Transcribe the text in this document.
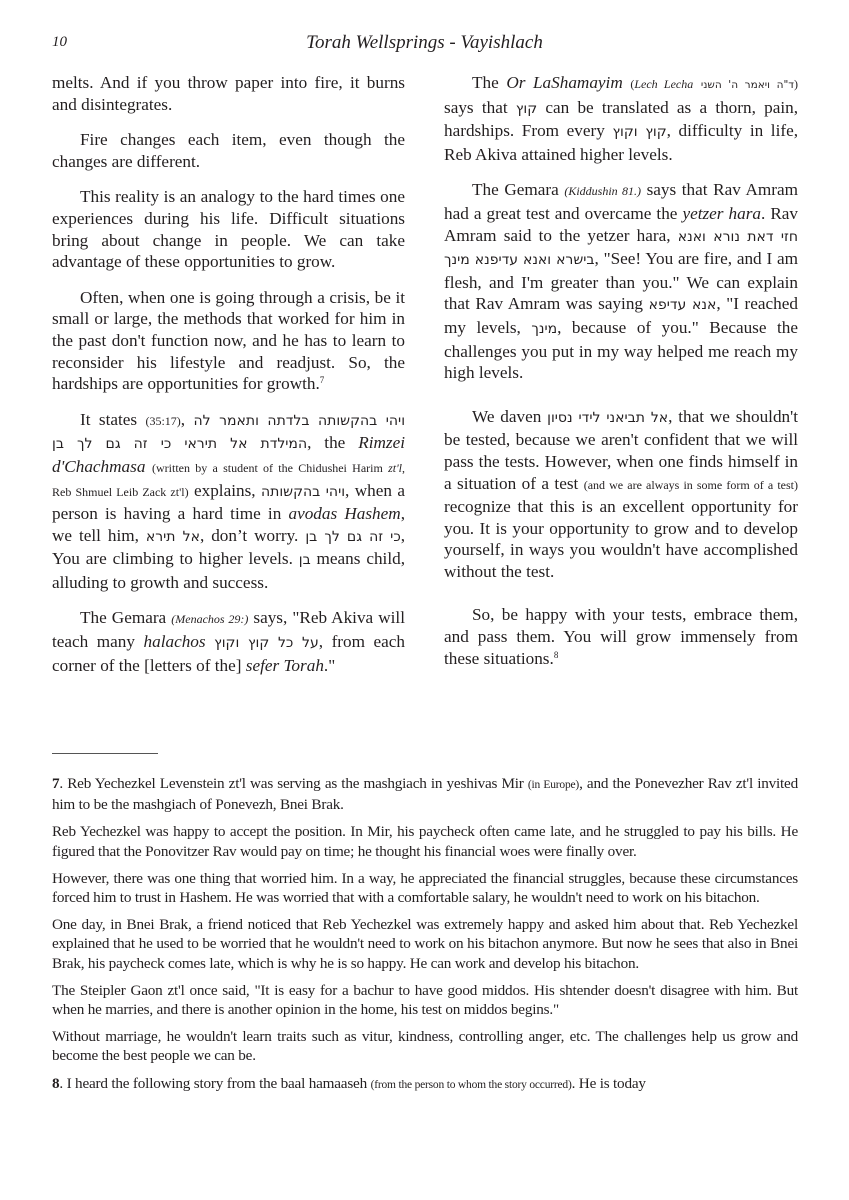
10	Torah Wellsprings - Vayishlach

melts. And if you throw paper into fire, it burns and disintegrates.

Fire changes each item, even though the changes are different.

This reality is an analogy to the hard times one experiences during his life. Difficult situations bring about change in people. We can take advantage of these opportunities to grow.

Often, when one is going through a crisis, be it small or large, the methods that worked for him in the past don't function now, and he has to learn to reconsider his lifestyle and readjust. So, the hardships are opportunities for growth.$^7$

It states (35:17), ויהי בהקשותה בלדתה ותאמר לה המילדת אל תיראי כי זה גם לך בן, the Rimzei d'Chachmasa (written by a student of the Chidushei Harim zt'l, Reb Shmuel Leib Zack zt'l) explains, ויהי בהקשותה, when a person is having a hard time in avodas Hashem, we tell him, אל תירא, don’t worry. כי זה גם לך בן, You are climbing to higher levels. בן means child, alluding to growth and success.

The Gemara (Menachos 29:) says, "Reb Akiva will teach many halachos על כל קוץ וקוץ, from each corner of the [letters of the] sefer Torah."

The Or LaShamayim (Lech Lecha ד"ה ויאמר ה' השני) says that קוץ can be translated as a thorn, pain, hardships. From every קוץ וקוץ, difficulty in life, Reb Akiva attained higher levels.

The Gemara (Kiddushin 81.) says that Rav Amram had a great test and overcame the yetzer hara. Rav Amram said to the yetzer hara, חזי דאת נורא ואנא בישרא ואנא עדיפנא מינך, "See! You are fire, and I am flesh, and I'm greater than you." We can explain that Rav Amram was saying אנא עדיפא, "I reached my levels, מינך, because of you." Because the challenges you put in my way helped me reach my high levels.

We daven אל תביאני לידי נסיון, that we shouldn't be tested, because we aren't confident that we will pass the tests. However, when one finds himself in a situation of a test (and we are always in some form of a test) recognize that this is an excellent opportunity for you. It is your opportunity to grow and to develop yourself, in ways you wouldn't have accomplished without the test.

So, be happy with your tests, embrace them, and pass them. You will grow immensely from these situations.$^8$

7. Reb Yechezkel Levenstein zt'l was serving as the mashgiach in yeshivas Mir (in Europe), and the Ponevezher Rav zt'l invited him to be the mashgiach of Ponevezh, Bnei Brak.

Reb Yechezkel was happy to accept the position. In Mir, his paycheck often came late, and he struggled to pay his bills. He figured that the Ponovitzer Rav would pay on time; he thought his financial woes were finally over.

However, there was one thing that worried him. In a way, he appreciated the financial struggles, because these circumstances forced him to trust in Hashem. He was worried that with a comfortable salary, he wouldn't need to work on his bitachon.

One day, in Bnei Brak, a friend noticed that Reb Yechezkel was extremely happy and asked him about that. Reb Yechezkel explained that he used to be worried that he wouldn't need to work on his bitachon anymore. But now he sees that also in Bnei Brak, his paycheck comes late, which is why he is so happy. He can work and develop his bitachon.

The Steipler Gaon zt'l once said, "It is easy for a bachur to have good middos. His shtender doesn't disagree with him. But when he marries, and there is another opinion in the home, his test on middos begins."

Without marriage, he wouldn't learn traits such as vitur, kindness, controlling anger, etc. The challenges help us grow and become the best people we can be.

8. I heard the following story from the baal hamaaseh (from the person to whom the story occurred). He is today
